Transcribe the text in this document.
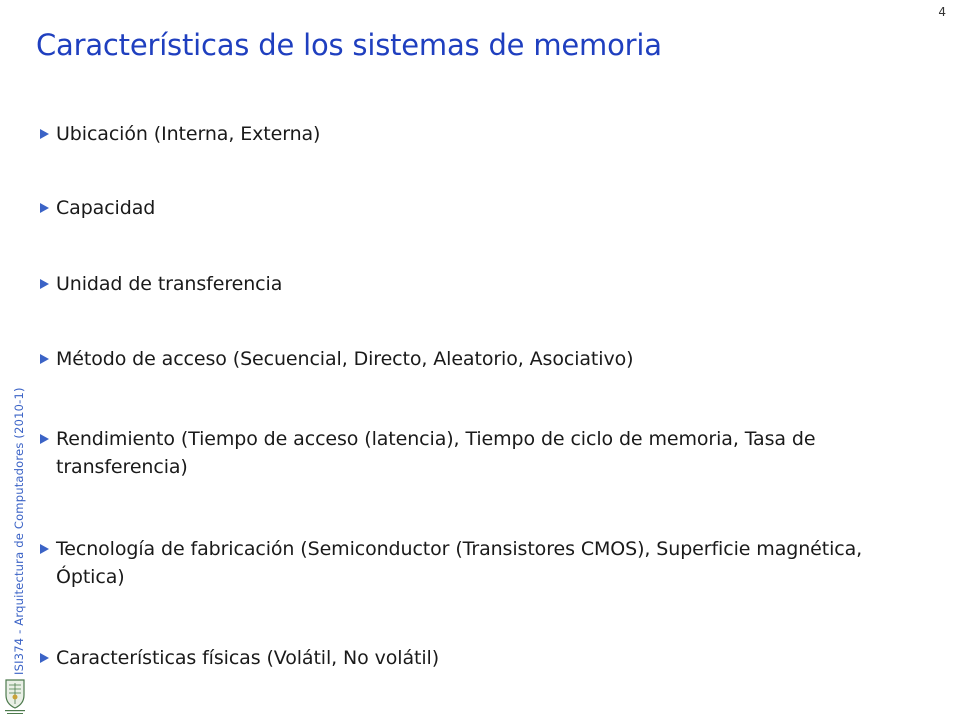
ISI374 - Arquitectura de Computadores (2010-1)
4
Características de los sistemas de memoria
Ubicación (Interna, Externa)
Capacidad
Unidad de transferencia
Método de acceso (Secuencial, Directo, Aleatorio, Asociativo)
Rendimiento (Tiempo de acceso (latencia), Tiempo de ciclo de memoria, Tasa de transferencia)
Tecnología de fabricación (Semiconductor (Transistores CMOS), Superficie magnética, Óptica)
Características físicas (Volátil, No volátil)
